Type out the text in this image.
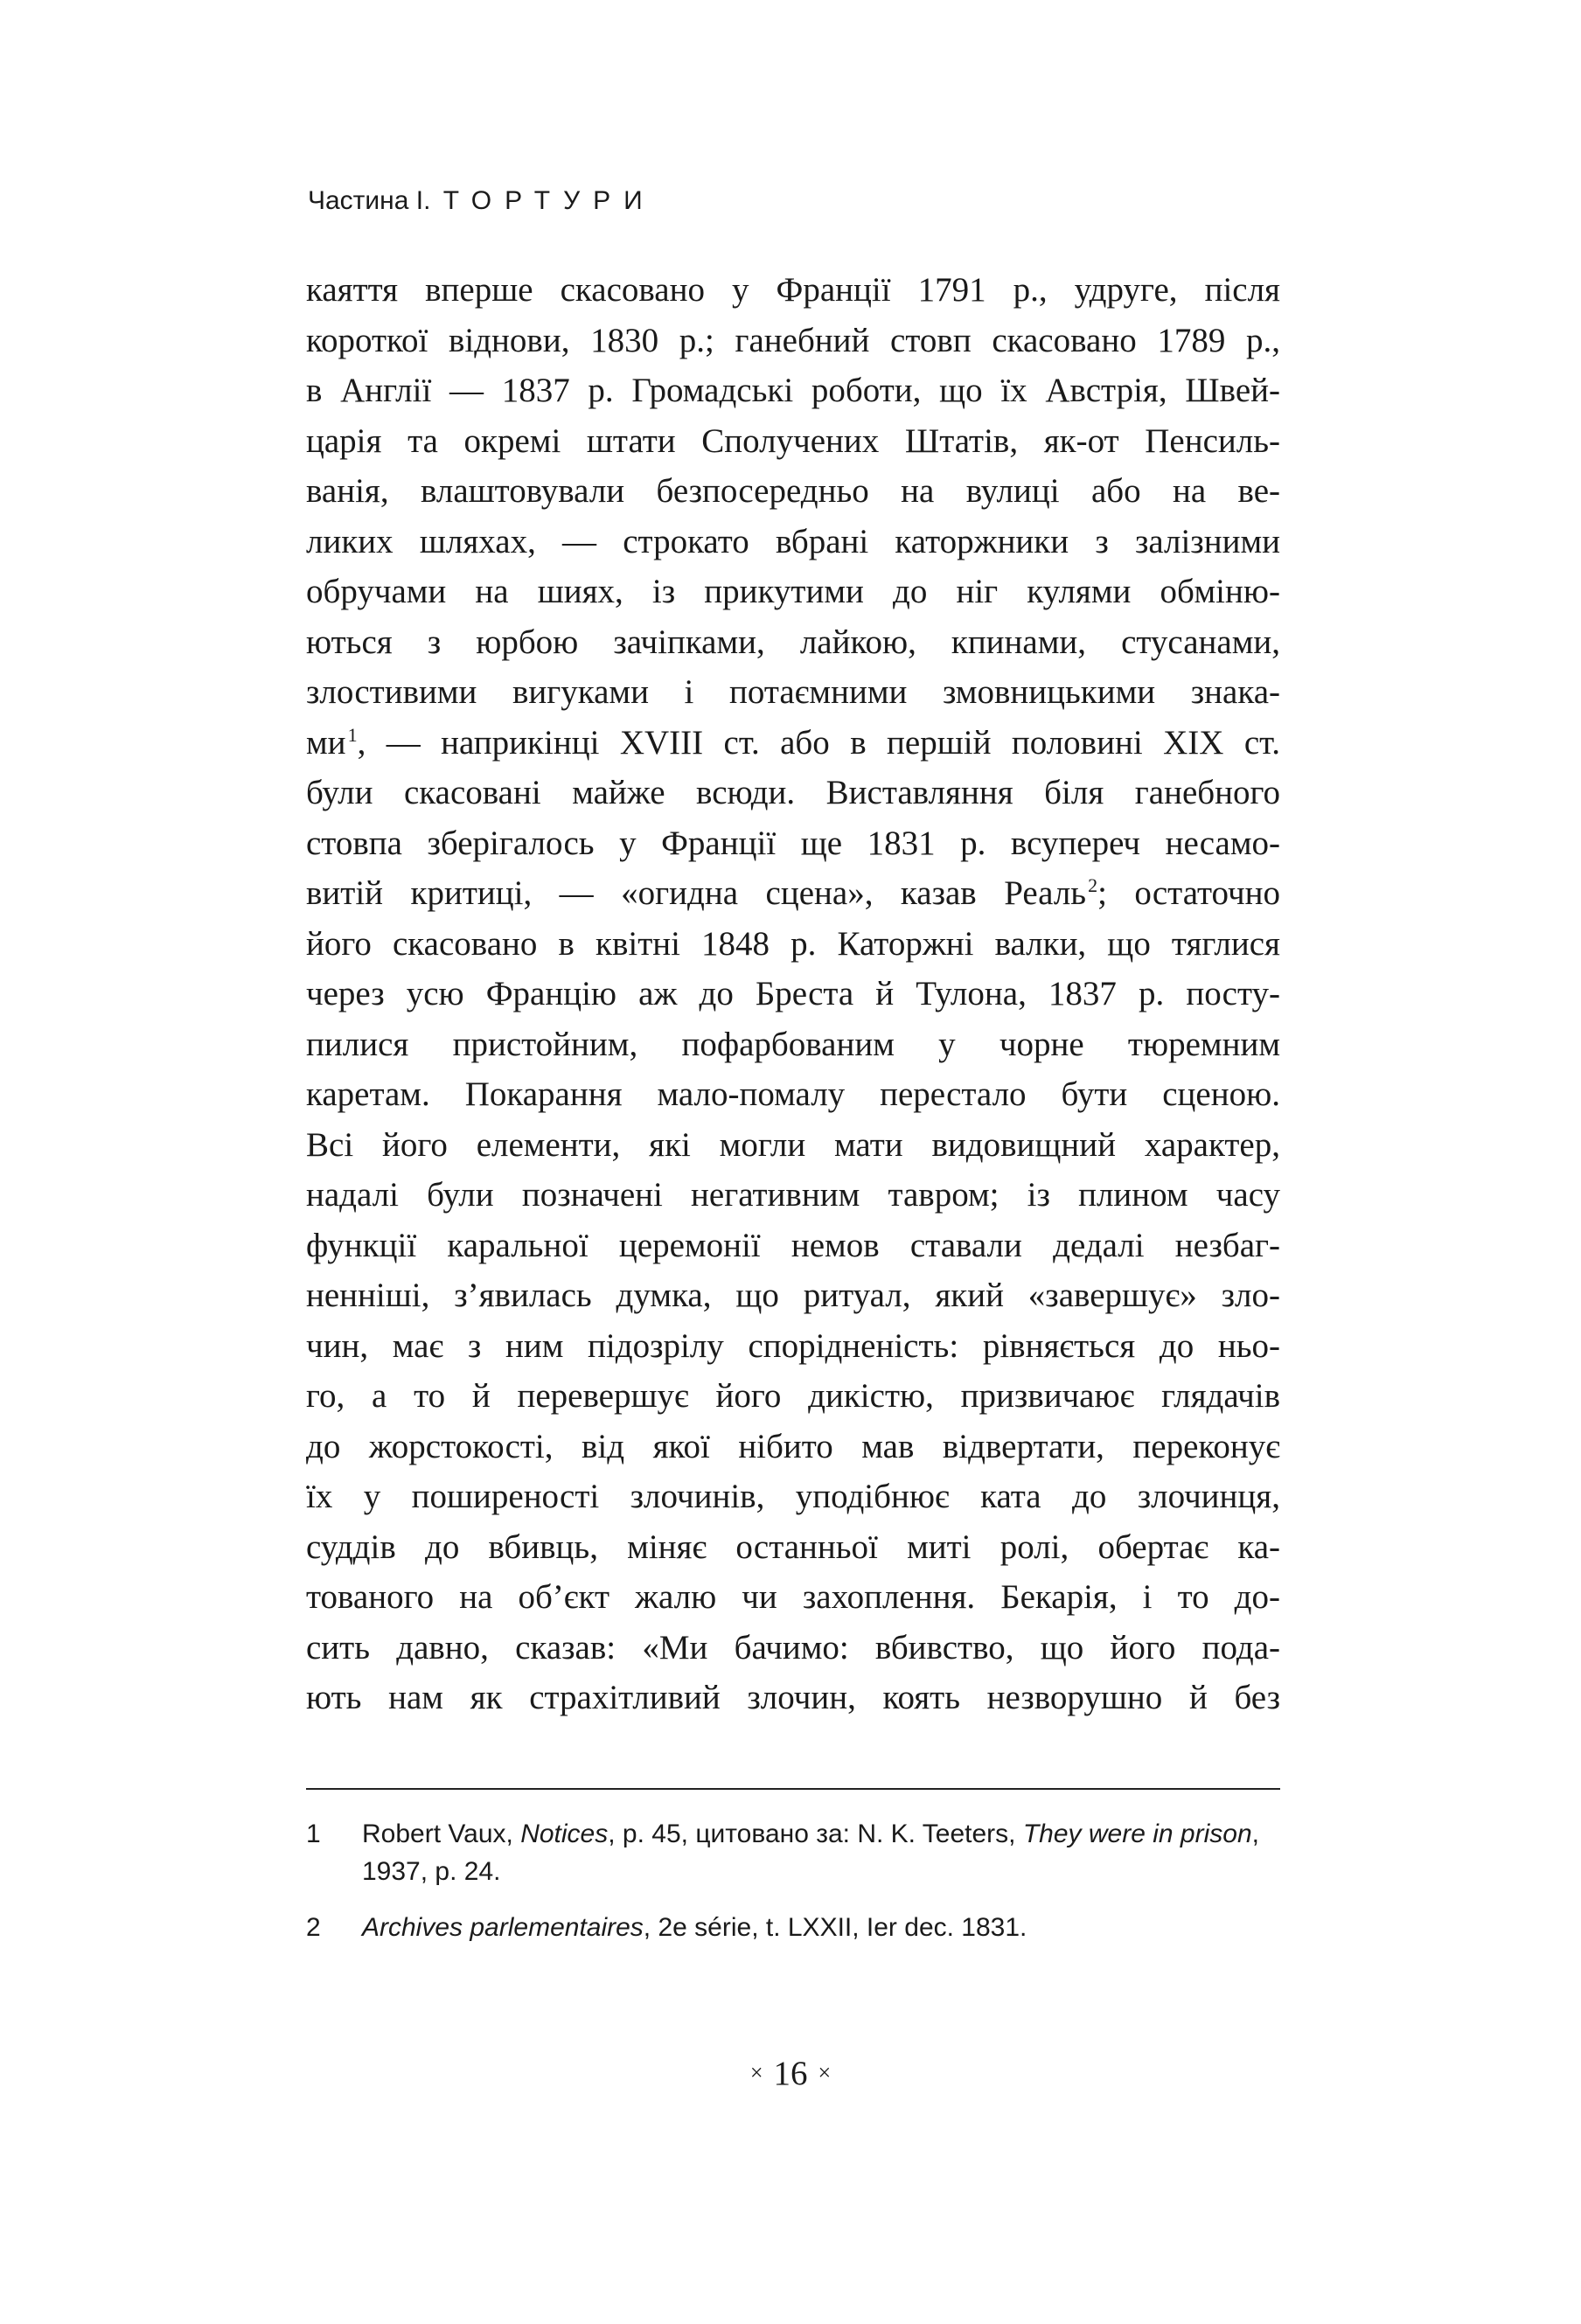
Частина I. ТОРТУРИ
каяття вперше скасовано у Франції 1791 р., удруге, після
короткої віднови, 1830 р.; ганебний стовп скасовано 1789 р.,
в Англії — 1837 р. Громадські роботи, що їх Австрія, Швей-
царія та окремі штати Сполучених Штатів, як-от Пенсиль-
ванія, влаштовували безпосередньо на вулиці або на ве-
ликих шляхах, — строкато вбрані каторжники з залізними
обручами на шиях, із прикутими до ніг кулями обміню-
ються з юрбою зачіпками, лайкою, кпинами, стусанами,
злостивими вигуками і потаємними змовницькими знака-
ми$^1$, — наприкінці XVIII ст. або в першій половині XIX ст.
були скасовані майже всюди. Виставляння біля ганебного
стовпа зберігалось у Франції ще 1831 р. всупереч несамо-
витій критиці, — «огидна сцена», казав Реаль$^2$; остаточно
його скасовано в квітні 1848 р. Каторжні валки, що тяглися
через усю Францію аж до Бреста й Тулона, 1837 р. посту-
пилися пристойним, пофарбованим у чорне тюремним
каретам. Покарання мало-помалу перестало бути сценою.
Всі його елементи, які могли мати видовищний характер,
надалі були позначені негативним тавром; із плином часу
функції каральної церемонії немов ставали дедалі незбаг-
ненніші, з’явилась думка, що ритуал, який «завершує» зло-
чин, має з ним підозрілу спорідненість: рівняється до ньо-
го, а то й перевершує його дикістю, призвичаює глядачів
до жорстокості, від якої нібито мав відвертати, переконує
їх у поширеності злочинів, уподібнює ката до злочинця,
суддів до вбивць, міняє останньої миті ролі, обертає ка-
тованого на об’єкт жалю чи захоплення. Бекарія, і то до-
сить давно, сказав: «Ми бачимо: вбивство, що його пода-
ють нам як страхітливий злочин, коять незворушно й без
1 Robert Vaux, Notices, p. 45, цитовано за: N. K. Teeters, They were in prison,
1937, p. 24.
2 Archives parlementaires, 2e série, t. LXXII, Ier dec. 1831.
× 16 ×
